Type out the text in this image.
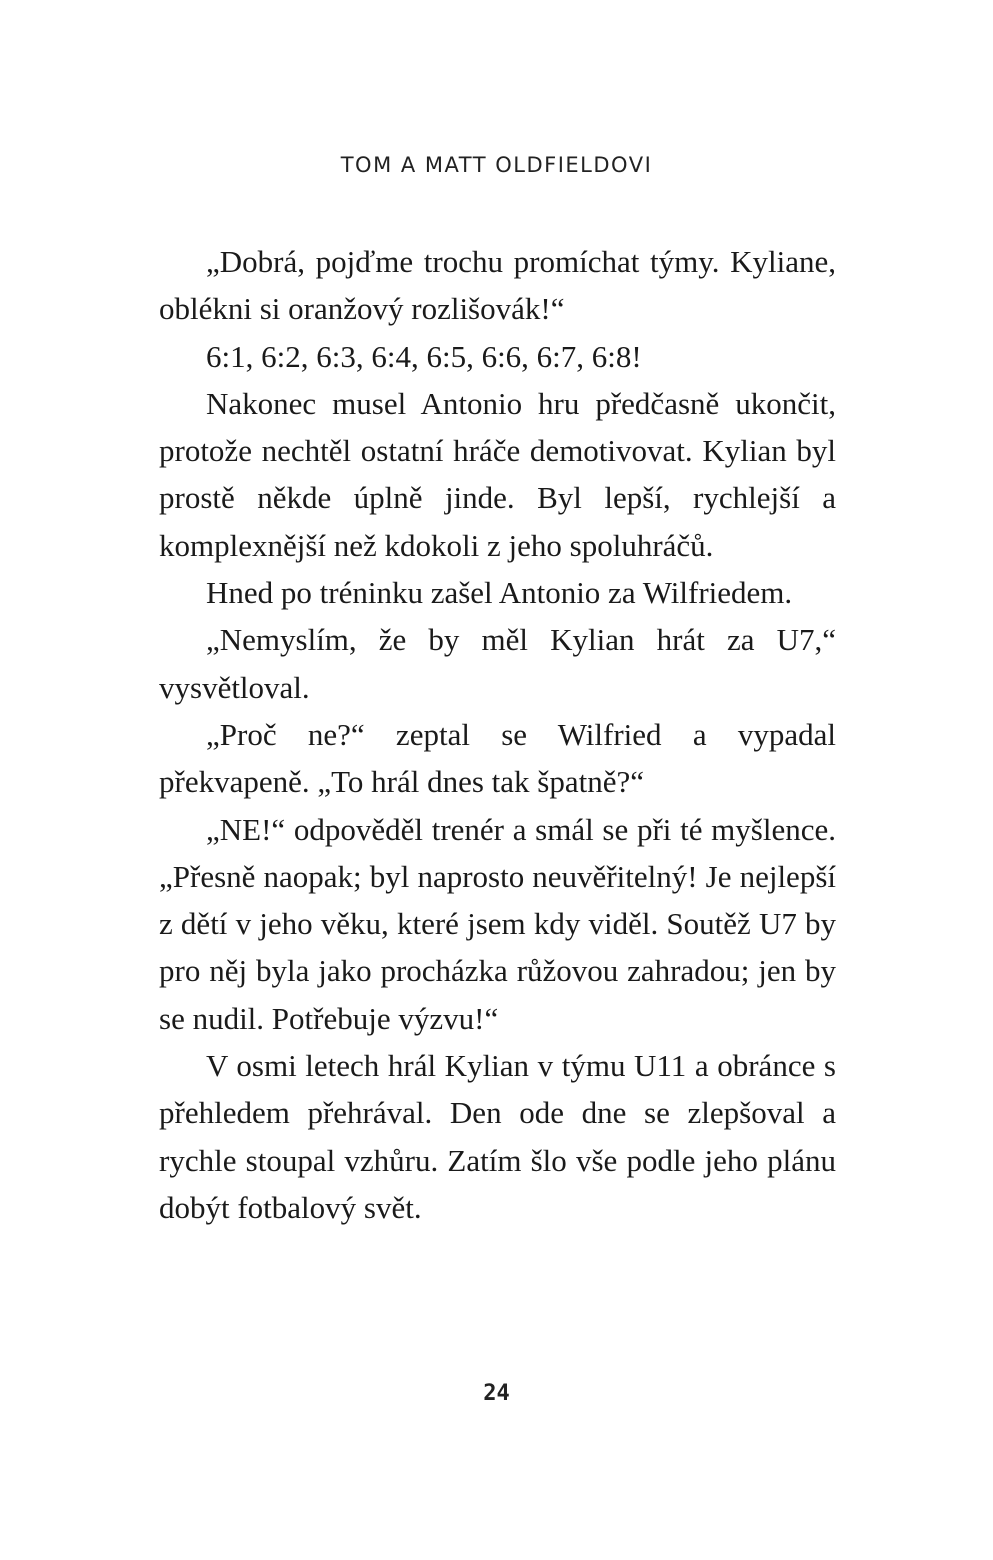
TOM A MATT OLDFIELDOVI

„Dobrá, pojďme trochu promíchat týmy. Kyliane, oblékni si oranžový rozlišovák!“

6:1, 6:2, 6:3, 6:4, 6:5, 6:6, 6:7, 6:8!

Nakonec musel Antonio hru předčasně ukončit, protože nechtěl ostatní hráče demotivovat. Kylian byl prostě někde úplně jinde. Byl lepší, rychlejší a komplexnější než kdokoli z jeho spoluhráčů.

Hned po tréninku zašel Antonio za Wilfriedem.

„Nemyslím, že by měl Kylian hrát za U7,“ vysvětloval.

„Proč ne?“ zeptal se Wilfried a vypadal překvapeně. „To hrál dnes tak špatně?“

„NE!“ odpověděl trenér a smál se při té myšlence. „Přesně naopak; byl naprosto neuvěřitelný! Je nejlepší z dětí v jeho věku, které jsem kdy viděl. Soutěž U7 by pro něj byla jako procházka růžovou zahradou; jen by se nudil. Potřebuje výzvu!“

V osmi letech hrál Kylian v týmu U11 a obránce s přehledem přehrával. Den ode dne se zlepšoval a rychle stoupal vzhůru. Zatím šlo vše podle jeho plánu dobýt fotbalový svět.

24
